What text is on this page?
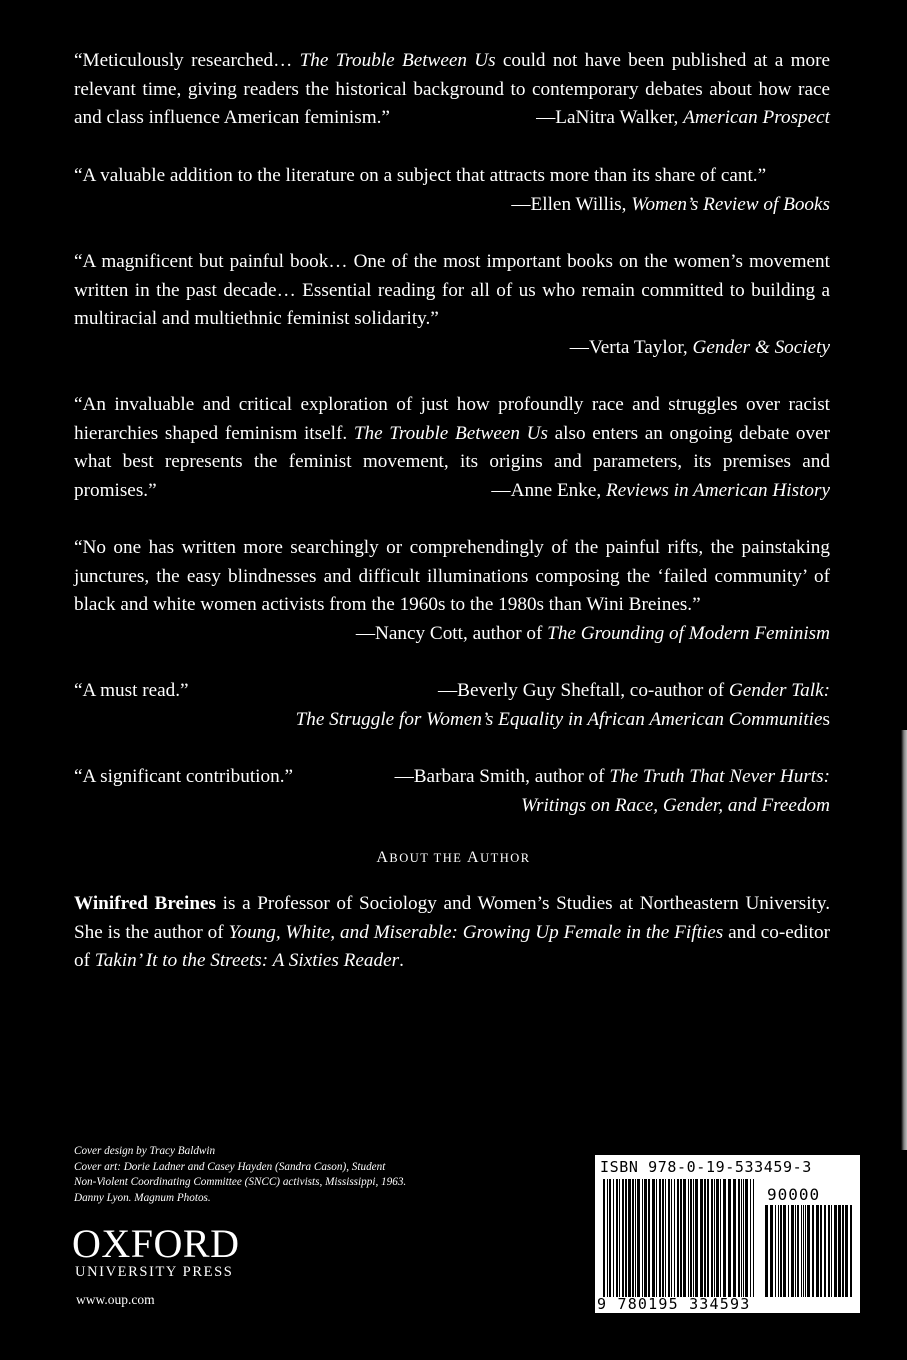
“Meticulously researched… The Trouble Between Us could not have been published at a more relevant time, giving readers the historical background to contemporary debates about how race and class influence American feminism.”	—LaNitra Walker, American Prospect
“A valuable addition to the literature on a subject that attracts more than its share of cant.”
—Ellen Willis, Women’s Review of Books
“A magnificent but painful book… One of the most important books on the women’s movement written in the past decade… Essential reading for all of us who remain committed to building a multiracial and multiethnic feminist solidarity.”
—Verta Taylor, Gender & Society
“An invaluable and critical exploration of just how profoundly race and struggles over racist hierarchies shaped feminism itself. The Trouble Between Us also enters an ongoing debate over what best represents the feminist movement, its origins and parameters, its premises and promises.”	—Anne Enke, Reviews in American History
“No one has written more searchingly or comprehendingly of the painful rifts, the painstaking junctures, the easy blindnesses and difficult illuminations composing the ‘failed community’ of black and white women activists from the 1960s to the 1980s than Wini Breines.”
—Nancy Cott, author of The Grounding of Modern Feminism
“A must read.”	—Beverly Guy Sheftall, co-author of Gender Talk:
The Struggle for Women’s Equality in African American Communities
“A significant contribution.”	—Barbara Smith, author of The Truth That Never Hurts:
Writings on Race, Gender, and Freedom
ABOUT THE AUTHOR
Winifred Breines is a Professor of Sociology and Women’s Studies at Northeastern University. She is the author of Young, White, and Miserable: Growing Up Female in the Fifties and co-editor of Takin’ It to the Streets: A Sixties Reader.
Cover design by Tracy Baldwin
Cover art: Dorie Ladner and Casey Hayden (Sandra Cason), Student
Non-Violent Coordinating Committee (SNCC) activists, Mississippi, 1963.
Danny Lyon. Magnum Photos.
OXFORD
UNIVERSITY PRESS
www.oup.com
ISBN 978-0-19-533459-3
90000
9 780195 334593
